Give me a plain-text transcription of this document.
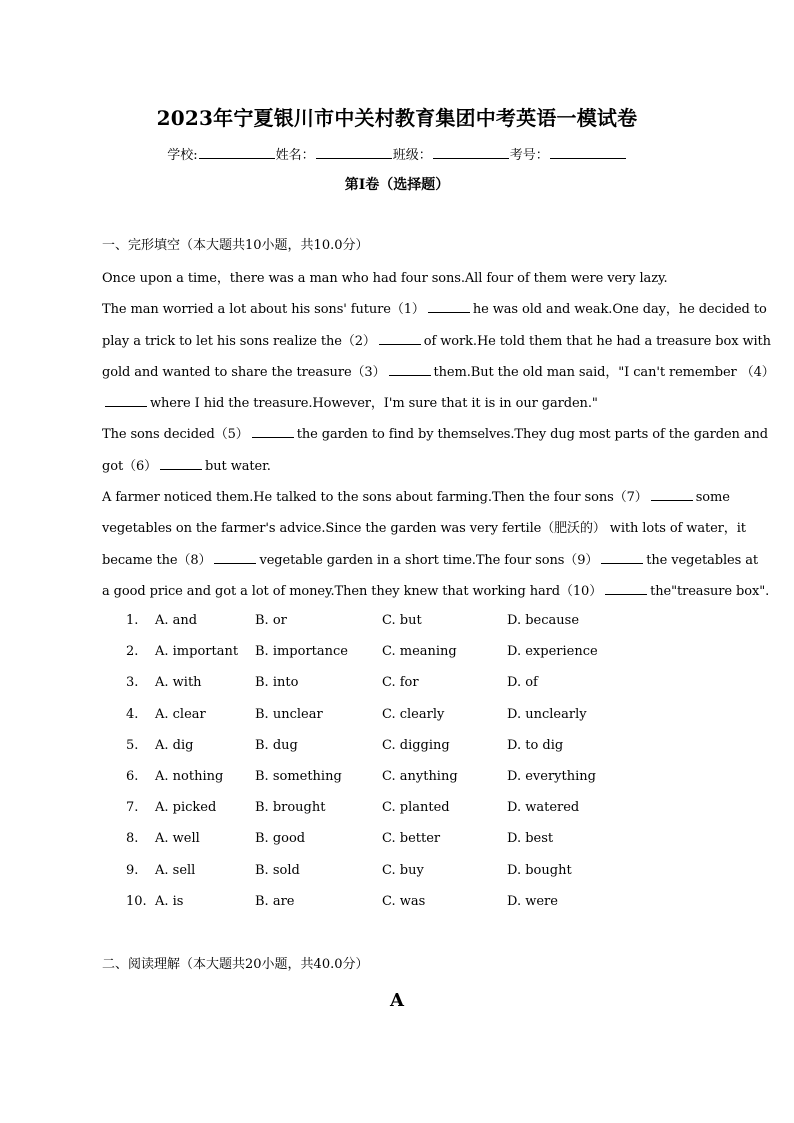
2023年宁夏银川市中关村教育集团中考英语一模试卷
学校:	姓名：	班级：	考号：
第I卷（选择题）
一、完形填空（本大题共10小题，共10.0分）
Once upon a time，there was a man who had four sons.All four of them were very lazy.
The man worried a lot about his sons' future（1）	he was old and weak.One day，he decided to
play a trick to let his sons realize the（2）	of work.He told them that he had a treasure box with
gold and wanted to share the treasure（3）	them.But the old man said，"I can't remember （4）
where I hid the treasure.However，I'm sure that it is in our garden."
The sons decided（5）	the garden to find by themselves.They dug most parts of the garden and
got（6）	but water.
A farmer noticed them.He talked to the sons about farming.Then the four sons（7）	some
vegetables on the farmer's advice.Since the garden was very fertile（肥沃的） with lots of water，it
became the（8）	vegetable garden in a short time.The four sons（9）	the vegetables at
a good price and got a lot of money.Then they knew that working hard（10）	the"treasure box".
1. A. and	B. or	C. but	D. because
2. A. important B. importance	C. meaning	D. experience
3. A. with	B. into	C. for	D. of
4. A. clear	B. unclear	C. clearly	D. unclearly
5. A. dig	B. dug	C. digging	D. to dig
6. A. nothing B. something	C. anything	D. everything
7. A. picked	B. brought	C. planted	D. watered
8. A. well	B. good	C. better	D. best
9. A. sell	B. sold	C. buy	D. bought
10. A. is	B. are	C. was	D. were
二、阅读理解（本大题共20小题，共40.0分）
A
